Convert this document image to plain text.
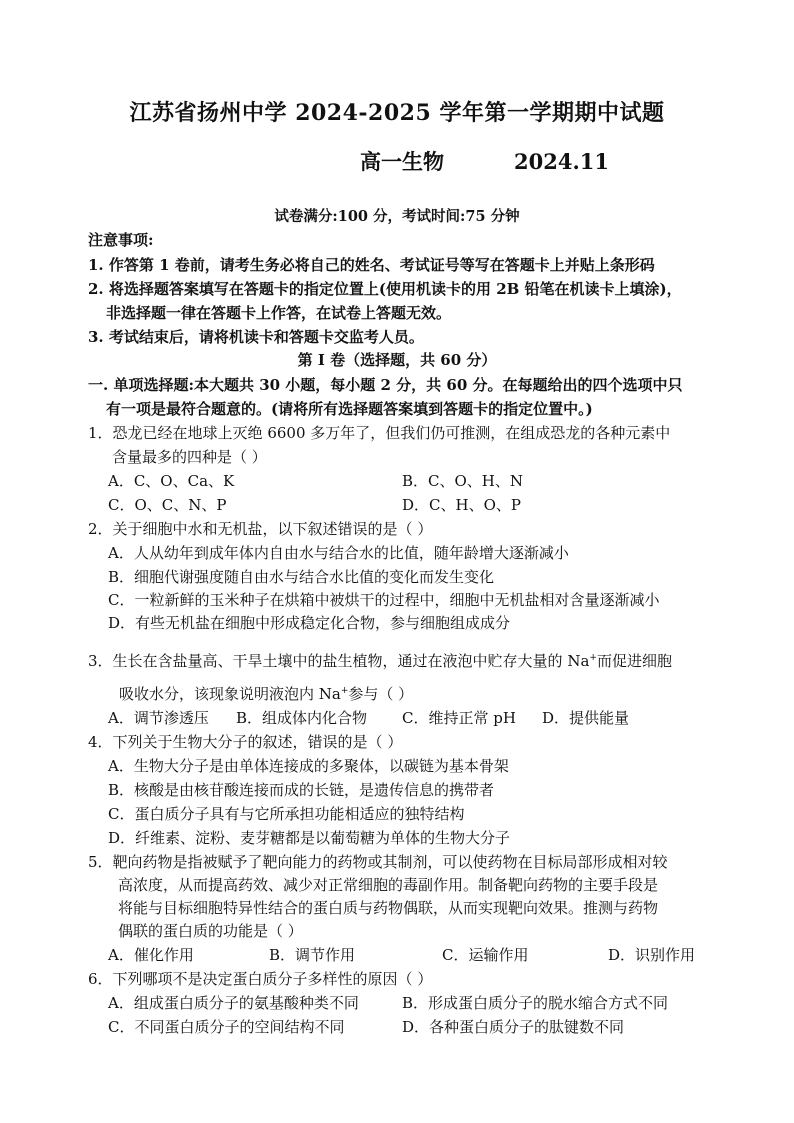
江苏省扬州中学 2024-2025 学年第一学期期中试题
高一生物	2024.11
试卷满分:100 分，考试时间:75 分钟
注意事项:
1. 作答第 1 卷前，请考生务必将自己的姓名、考试证号等写在答题卡上并贴上条形码
2. 将选择题答案填写在答题卡的指定位置上(使用机读卡的用 2B 铅笔在机读卡上填涂)，
非选择题一律在答题卡上作答，在试卷上答题无效。
3. 考试结束后，请将机读卡和答题卡交监考人员。
第 I 卷（选择题，共 60 分）
一. 单项选择题:本大题共 30 小题，每小题 2 分，共 60 分。在每题给出的四个选项中只
有一项是最符合题意的。(请将所有选择题答案填到答题卡的指定位置中。)
1．恐龙已经在地球上灭绝 6600 多万年了，但我们仍可推测，在组成恐龙的各种元素中
含量最多的四种是（ ）
A．C、O、Ca、K	B．C、O、H、N
C．O、C、N、P	D．C、H、O、P
2．关于细胞中水和无机盐，以下叙述错误的是（ ）
A．人从幼年到成年体内自由水与结合水的比值，随年龄增大逐渐减小
B．细胞代谢强度随自由水与结合水比值的变化而发生变化
C．一粒新鲜的玉米种子在烘箱中被烘干的过程中，细胞中无机盐相对含量逐渐减小
D．有些无机盐在细胞中形成稳定化合物，参与细胞组成成分
3．生长在含盐量高、干旱土壤中的盐生植物，通过在液泡中贮存大量的 Na+而促进细胞
吸收水分，该现象说明液泡内 Na+参与（ ）
A．调节渗透压 B．组成体内化合物 C．维持正常 pH D．提供能量
4．下列关于生物大分子的叙述，错误的是（ ）
A．生物大分子是由单体连接成的多聚体，以碳链为基本骨架
B．核酸是由核苷酸连接而成的长链，是遗传信息的携带者
C．蛋白质分子具有与它所承担功能相适应的独特结构
D．纤维素、淀粉、麦芽糖都是以葡萄糖为单体的生物大分子
5．靶向药物是指被赋予了靶向能力的药物或其制剂，可以使药物在目标局部形成相对较
高浓度，从而提高药效、减少对正常细胞的毒副作用。制备靶向药物的主要手段是
将能与目标细胞特异性结合的蛋白质与药物偶联，从而实现靶向效果。推测与药物
偶联的蛋白质的功能是（ ）
A．催化作用	B．调节作用	C．运输作用	D．识别作用
6．下列哪项不是决定蛋白质分子多样性的原因（ ）
A．组成蛋白质分子的氨基酸种类不同	B．形成蛋白质分子的脱水缩合方式不同
C．不同蛋白质分子的空间结构不同	D．各种蛋白质分子的肽键数不同
